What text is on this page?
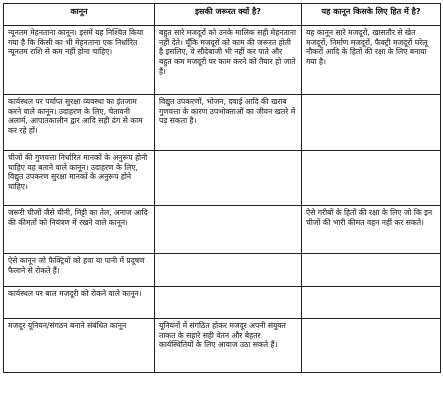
कानून	इसकी जरूरत क्यों है?	यह कानून किसके लिए हित में है?
न्यूनतम मेहनताना कानून। इसमें यह निश्चित किया गया है कि किसी का भी मेहनताना एक निर्धारित न्यूनतम राशि से कम नहीं होना चाहिए।	बहुत सारे मजदूरों को उनके मालिक सही मेहनताना नहीं देते। चूँकि मजदूरों को काम की जरूरत होती है इसलिए, वे सौदेबाजी भी नहीं कर पाते और बहुत कम मजदूरी पर काम करने को तैयार हो जाते हैं।	यह कानून सारे मजदूरों, खासतौर से खेत मजदूरों, निर्माण मजदूरों, फैक्ट्री मजदूरों घरेलू नौकरों आदि के हितों की रक्षा के लिए बनाया गया है।
कार्यस्थल पर पर्याप्त सुरक्षा व्यवस्था का इंतजाम करने वाले कानून। उदाहरण के लिए, चेतावनी अलार्म, आपातकालीन द्वार आदि सही ढंग से काम कर रहे हों।	विद्युत उपकरणों, भोजन, दवाई आदि की खराब गुणवत्ता के कारण उपभोक्ताओं का जीवन खतरे में पड़ सकता है।	
चीजों की गुणवत्ता निर्धारित मानकों के अनुरूप होनी चाहिए यह बताने वाले कानून। उदाहरण के लिए, विद्युत उपकरण सुरक्षा मानकों के अनुरूप होने चाहिए।		
जरूरी चीजों जैसे चीनी, मिट्टी का तेल, अनाज आदि की कीमतों को नियंत्रण में रखने वाले कानून।		ऐसे गरीबों के हितों की रक्षा के लिए जो कि इन चीजों की भारी कीमत वहन नहीं कर सकते।
ऐसे कानून जो फैक्ट्रियों को हवा या पानी में प्रदूषण फैलाने से रोकते हैं।		
कार्यस्थल पर बाल मजदूरी को रोकने वाले कानून।		
मजदूर यूनियन/संगठन बनाने संबंधित कानून	यूनियनों में संगठित होकर मजदूर अपनी संयुक्त ताकत के सहारे सही वेतन और बेहतर कार्यस्थितियों के लिए आवाज उठा सकते हैं।	
